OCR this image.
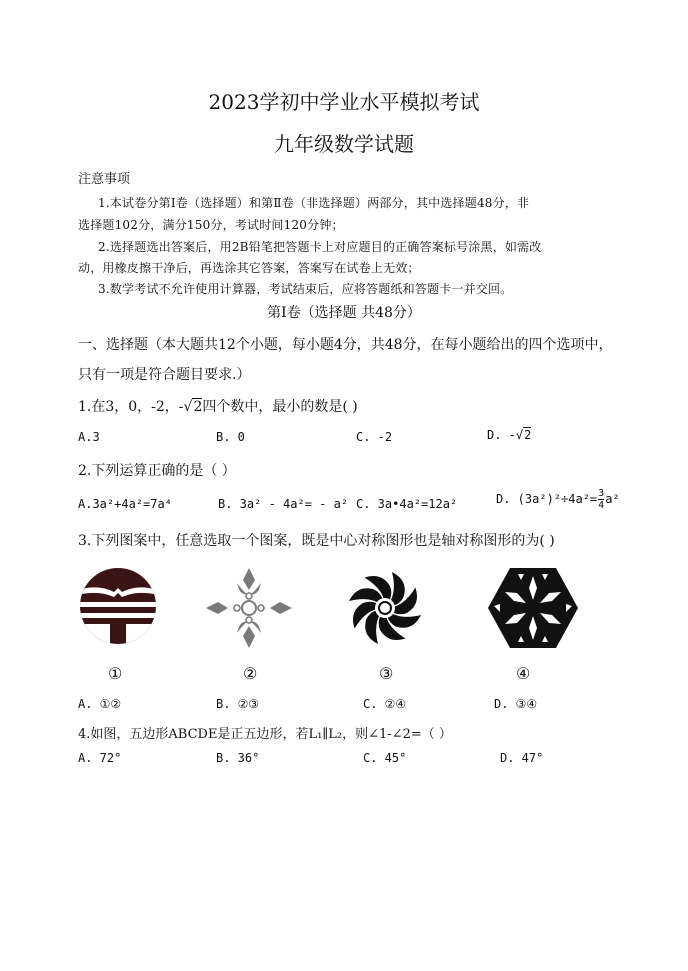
2023学初中学业水平模拟考试
九年级数学试题
注意事项
1.本试卷分第Ⅰ卷（选择题）和第Ⅱ卷（非选择题）两部分，其中选择题48分，非
选择题102分，满分150分，考试时间120分钟；
2.选择题选出答案后，用2B铅笔把答题卡上对应题目的正确答案标号涂黑，如需改
动，用橡皮擦干净后，再选涂其它答案，答案写在试卷上无效；
3.数学考试不允许使用计算器，考试结束后，应将答题纸和答题卡一并交回。
第Ⅰ卷（选择题 共48分）
一、选择题（本大题共12个小题，每小题4分，共48分，在每小题给出的四个选项中，
只有一项是符合题目要求.）
1.在3，0，-2，-√2四个数中，最小的数是( )
A.3	B. 0	C. -2	D. -√2
2.下列运算正确的是（ ）
A.3a²+4a²=7a⁴	B. 3a² - 4a²= - a² C. 3a•4a²=12a²	D. $(3a^2)^2\div 4a^2= \frac{3}{4} a^2$
3.下列图案中，任意选取一个图案，既是中心对称图形也是轴对称图形的为( )
①	②	③	④
A. ①②	B. ②③	C. ②④	D. ③④
4.如图，五边形ABCDE是正五边形，若L₁∥L₂，则∠1-∠2=（ ）
A. 72°	B. 36°	C. 45°	D. 47°
